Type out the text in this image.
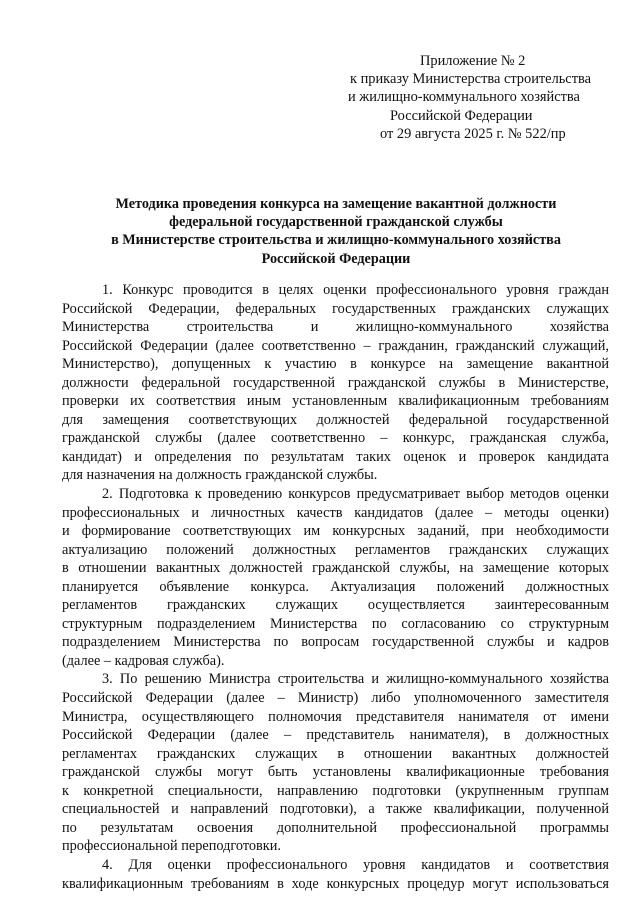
Приложение № 2
к приказу Министерства строительства
и жилищно-коммунального хозяйства
Российской Федерации
от 29 августа 2025 г. № 522/пр
Методика проведения конкурса на замещение вакантной должности
федеральной государственной гражданской службы
в Министерстве строительства и жилищно-коммунального хозяйства
Российской Федерации

1. Конкурс проводится в целях оценки профессионального уровня граждан
Российской Федерации, федеральных государственных гражданских служащих
Министерства строительства и жилищно-коммунального хозяйства
Российской Федерации (далее соответственно – гражданин, гражданский служащий,
Министерство), допущенных к участию в конкурсе на замещение вакантной
должности федеральной государственной гражданской службы в Министерстве,
проверки их соответствия иным установленным квалификационным требованиям
для замещения соответствующих должностей федеральной государственной
гражданской службы (далее соответственно – конкурс, гражданская служба,
кандидат) и определения по результатам таких оценок и проверок кандидата
для назначения на должность гражданской службы.

2. Подготовка к проведению конкурсов предусматривает выбор методов оценки
профессиональных и личностных качеств кандидатов (далее – методы оценки)
и формирование соответствующих им конкурсных заданий, при необходимости
актуализацию положений должностных регламентов гражданских служащих
в отношении вакантных должностей гражданской службы, на замещение которых
планируется объявление конкурса. Актуализация положений должностных
регламентов гражданских служащих осуществляется заинтересованным
структурным подразделением Министерства по согласованию со структурным
подразделением Министерства по вопросам государственной службы и кадров
(далее – кадровая служба).

3. По решению Министра строительства и жилищно-коммунального хозяйства
Российской Федерации (далее – Министр) либо уполномоченного заместителя
Министра, осуществляющего полномочия представителя нанимателя от имени
Российской Федерации (далее – представитель нанимателя), в должностных
регламентах гражданских служащих в отношении вакантных должностей
гражданской службы могут быть установлены квалификационные требования
к конкретной специальности, направлению подготовки (укрупненным группам
специальностей и направлений подготовки), а также квалификации, полученной
по результатам освоения дополнительной профессиональной программы
профессиональной переподготовки.

4. Для оценки профессионального уровня кандидатов и соответствия
квалификационным требованиям в ходе конкурсных процедур могут использоваться
